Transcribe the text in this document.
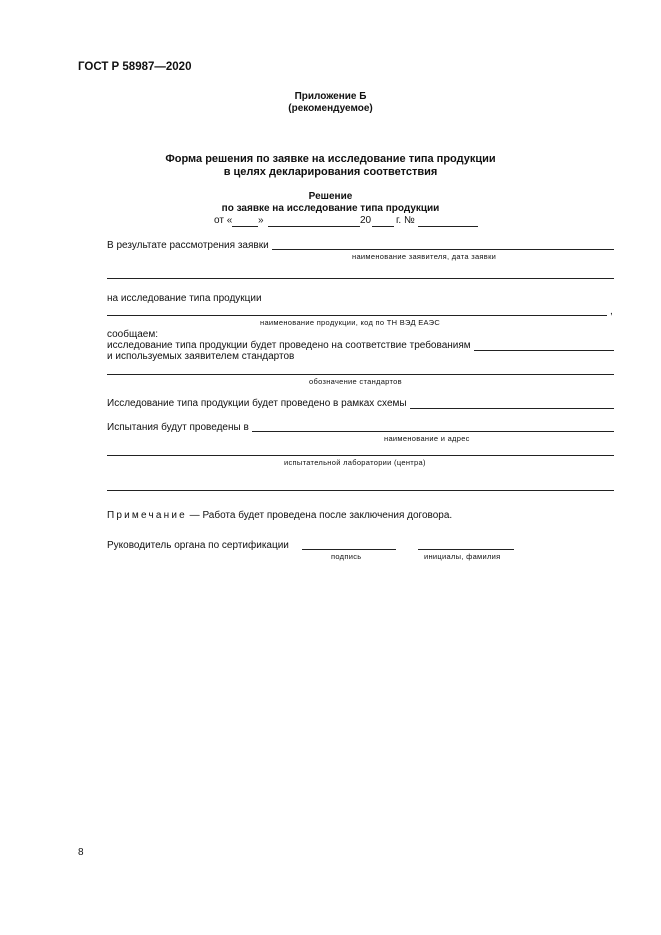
ГОСТ Р 58987—2020
Приложение Б
(рекомендуемое)
Форма решения по заявке на исследование типа продукции
в целях декларирования соответствия
Решение
по заявке на исследование типа продукции
от «	»	20 г. №
В результате рассмотрения заявки
наименование заявителя, дата заявки
на исследование типа продукции
,
наименование продукции, код по ТН ВЭД ЕАЭС
сообщаем:
исследование типа продукции будет проведено на соответствие требованиям
и используемых заявителем стандартов
обозначение стандартов
Исследование типа продукции будет проведено в рамках схемы
Испытания будут проведены в
наименование и адрес
испытательной лаборатории (центра)
Примечание — Работа будет проведена после заключения договора.
Руководитель органа по сертификации
подпись	инициалы, фамилия
8
